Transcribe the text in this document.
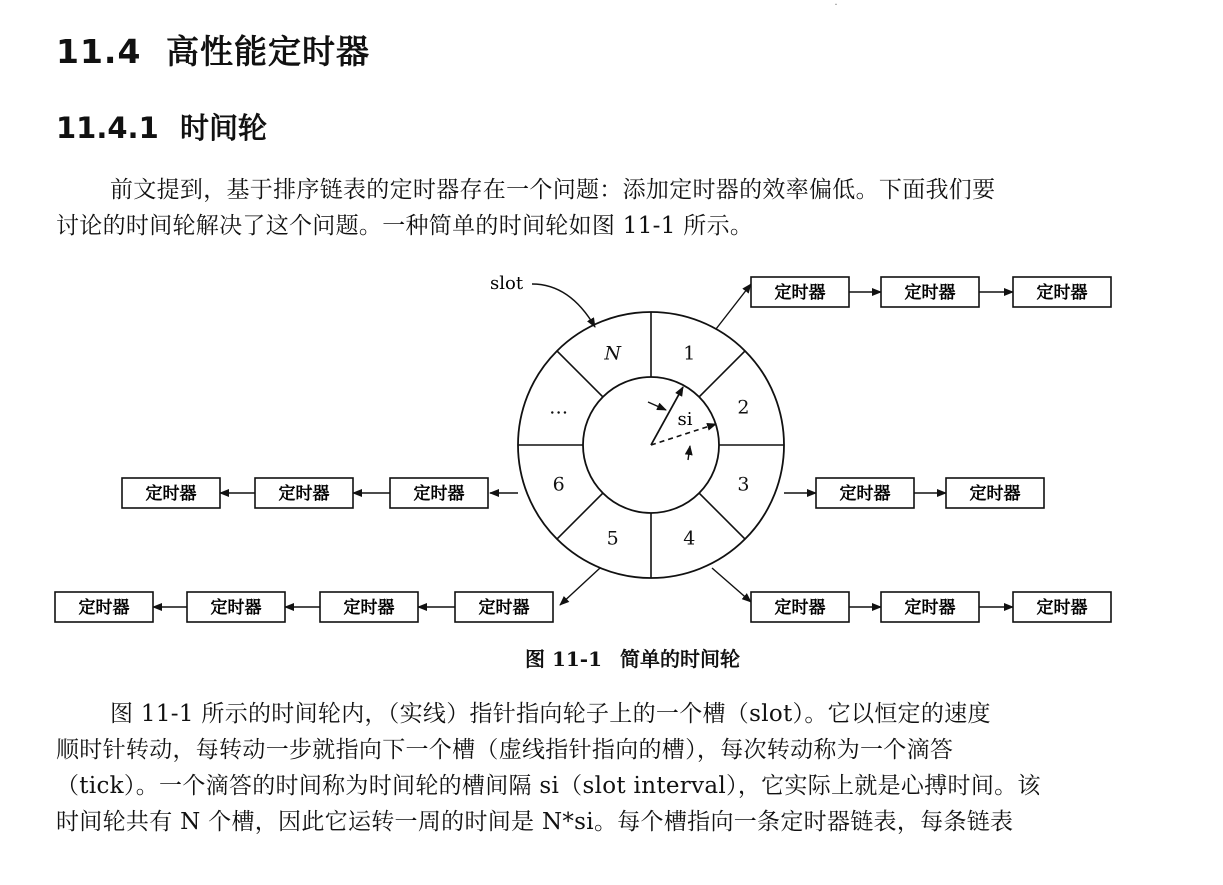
˙
11.4 高性能定时器
11.4.1 时间轮
前文提到，基于排序链表的定时器存在一个问题：添加定时器的效率偏低。下面我们要
讨论的时间轮解决了这个问题。一种简单的时间轮如图 11-1 所示。
N	1
2
3
4
5
6
…
si
slot	定时器	定时器	定时器
定时器	定时器
定时器	定时器	定时器
定时器
定时器
定时器
定时器
定时器
定时器
定时器
图 11-1 简单的时间轮
图 11-1 所示的时间轮内，（实线）指针指向轮子上的一个槽（slot）。它以恒定的速度
顺时针转动，每转动一步就指向下一个槽（虚线指针指向的槽），每次转动称为一个滴答
（tick）。一个滴答的时间称为时间轮的槽间隔 si（slot interval），它实际上就是心搏时间。该
时间轮共有 N 个槽，因此它运转一周的时间是 N*si。每个槽指向一条定时器链表，每条链表
